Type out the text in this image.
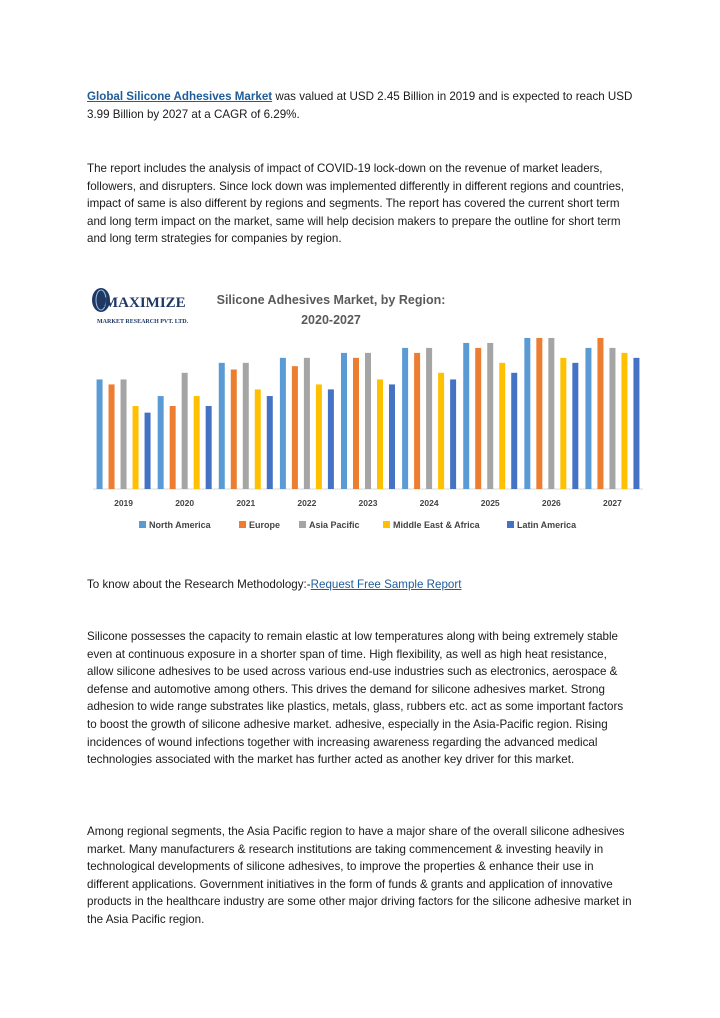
Global Silicone Adhesives Market was valued at USD 2.45 Billion in 2019 and is expected to reach USD 3.99 Billion by 2027 at a CAGR of 6.29%.

The report includes the analysis of impact of COVID-19 lock-down on the revenue of market leaders, followers, and disrupters. Since lock down was implemented differently in different regions and countries, impact of same is also different by regions and segments. The report has covered the current short term and long term impact on the market, same will help decision makers to prepare the outline for short term and long term strategies for companies by region.

MAXIMIZE
MARKET RESEARCH PVT. LTD.
Silicone Adhesives Market, by Region:
2020-2027
2019	2020	2021	2022	2023	2024	2025	2026	2027
North America	Europe	Asia Pacific	Middle East & Africa	Latin America

To know about the Research Methodology:-Request Free Sample Report

Silicone possesses the capacity to remain elastic at low temperatures along with being extremely stable even at continuous exposure in a shorter span of time. High flexibility, as well as high heat resistance, allow silicone adhesives to be used across various end-use industries such as electronics, aerospace & defense and automotive among others. This drives the demand for silicone adhesives market. Strong adhesion to wide range substrates like plastics, metals, glass, rubbers etc. act as some important factors to boost the growth of silicone adhesive market. adhesive, especially in the Asia-Pacific region. Rising incidences of wound infections together with increasing awareness regarding the advanced medical technologies associated with the market has further acted as another key driver for this market.

Among regional segments, the Asia Pacific region to have a major share of the overall silicone adhesives market. Many manufacturers & research institutions are taking commencement & investing heavily in technological developments of silicone adhesives, to improve the properties & enhance their use in different applications. Government initiatives in the form of funds & grants and application of innovative products in the healthcare industry are some other major driving factors for the silicone adhesive market in the Asia Pacific region.
